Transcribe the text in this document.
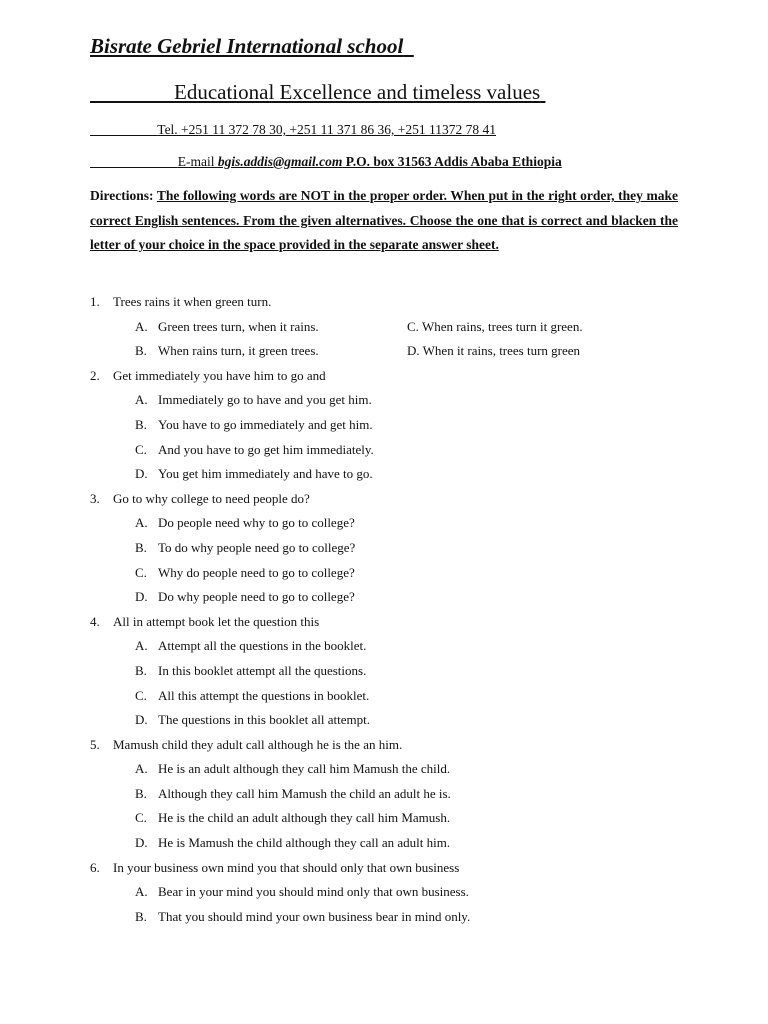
Bisrate Gebriel International school
Educational Excellence and timeless values
Tel. +251 11 372 78 30, +251 11 371 86 36, +251 11372 78 41
E-mail bgis.addis@gmail.com P.O. box 31563 Addis Ababa Ethiopia
Directions: The following words are NOT in the proper order. When put in the right order, they make correct English sentences. From the given alternatives. Choose the one that is correct and blacken the letter of your choice in the space provided in the separate answer sheet.
1. Trees rains it when green turn.
A. Green trees turn, when it rains.	C. When rains, trees turn it green.
B. When rains turn, it green trees.	D. When it rains, trees turn green
2. Get immediately you have him to go and
A. Immediately go to have and you get him.
B. You have to go immediately and get him.
C. And you have to go get him immediately.
D. You get him immediately and have to go.
3. Go to why college to need people do?
A. Do people need why to go to college?
B. To do why people need go to college?
C. Why do people need to go to college?
D. Do why people need to go to college?
4. All in attempt book let the question this
A. Attempt all the questions in the booklet.
B. In this booklet attempt all the questions.
C. All this attempt the questions in booklet.
D. The questions in this booklet all attempt.
5. Mamush child they adult call although he is the an him.
A. He is an adult although they call him Mamush the child.
B. Although they call him Mamush the child an adult he is.
C. He is the child an adult although they call him Mamush.
D. He is Mamush the child although they call an adult him.
6. In your business own mind you that should only that own business
A. Bear in your mind you should mind only that own business.
B. That you should mind your own business bear in mind only.
